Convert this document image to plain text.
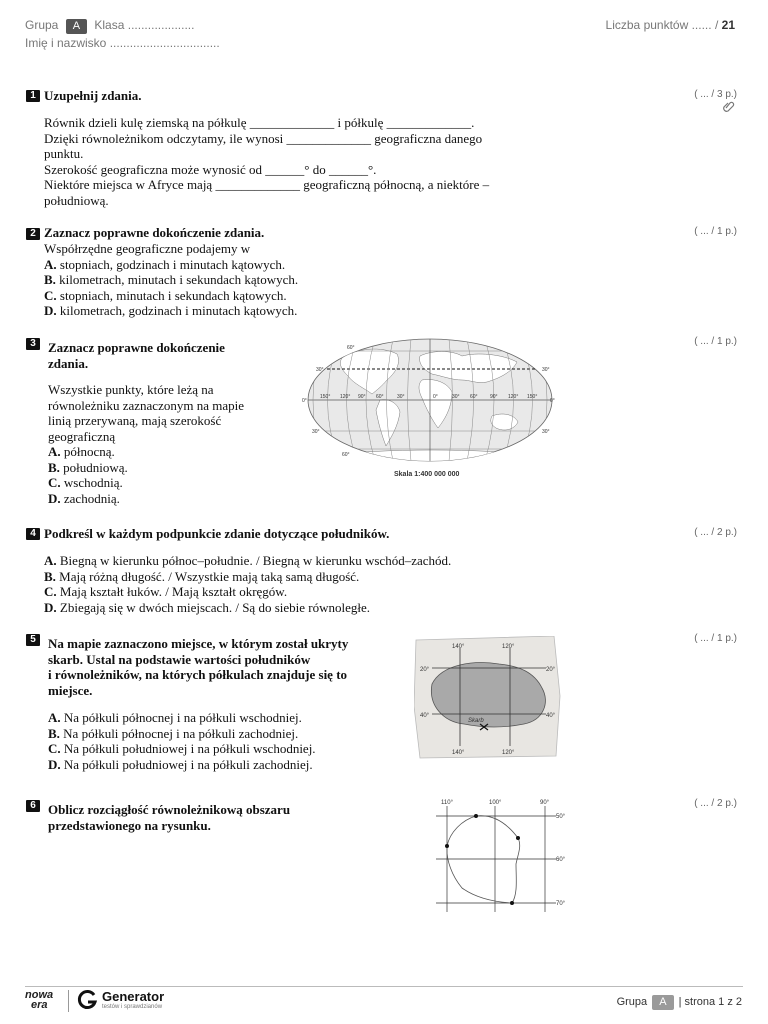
Grupa A Klasa ....................
Imię i nazwisko .................................
Liczba punktów ...... / 21
1 Uzupełnij zdania.	( ... / 3 p.)
Równik dzieli kulę ziemską na półkulę _____________ i półkulę _____________.
Dzięki równoleżnikom odczytamy, ile wynosi _____________ geograficzna danego
punktu.
Szerokość geograficzna może wynosić od ______° do ______°.
Niektóre miejsca w Afryce mają _____________ geograficzną północną, a niektóre –
południową.
2 Zaznacz poprawne dokończenie zdania.	( ... / 1 p.)
Współrzędne geograficzne podajemy w
A. stopniach, godzinach i minutach kątowych.
B. kilometrach, minutach i sekundach kątowych.
C. stopniach, minutach i sekundach kątowych.
D. kilometrach, godzinach i minutach kątowych.
3 Zaznacz poprawne dokończenie
zdania.
( ... / 1 p.)
Wszystkie punkty, które leżą na
równoleżniku zaznaczonym na mapie
linią przerywaną, mają szerokość
geograficzną
A. północną.
B. południową.
C. wschodnią.
D. zachodnią.
60°
30°
0°
30°
60°
30°
0°
30°
150° 120° 90° 60°	30°	0°	30° 60° 90° 120° 150°
Skala 1:400 000 000
4 Podkreśl w każdym podpunkcie zdanie dotyczące południków.	( ... / 2 p.)
A. Biegną w kierunku północ–południe. / Biegną w kierunku wschód–zachód.
B. Mają różną długość. / Wszystkie mają taką samą długość.
C. Mają kształt łuków. / Mają kształt okręgów.
D. Zbiegają się w dwóch miejscach. / Są do siebie równoległe.
5 Na mapie zaznaczono miejsce, w którym został ukryty
skarb. Ustal na podstawie wartości południków
i równoleżników, na których półkulach znajduje się to
miejsce.
( ... / 1 p.)
A. Na półkuli północnej i na półkuli wschodniej.
B. Na półkuli północnej i na półkuli zachodniej.
C. Na półkuli południowej i na półkuli wschodniej.
D. Na półkuli południowej i na półkuli zachodniej.
140°	120°
140°	120°
20°	20°
40°	40°
Skarb
6 Oblicz rozciągłość równoleżnikową obszaru
przedstawionego na rysunku.
( ... / 2 p.)
110°	100°	90°
50°
60°
70°
nowa
era
Generator
testów i sprawdzianów	Grupa A | strona 1 z 2
